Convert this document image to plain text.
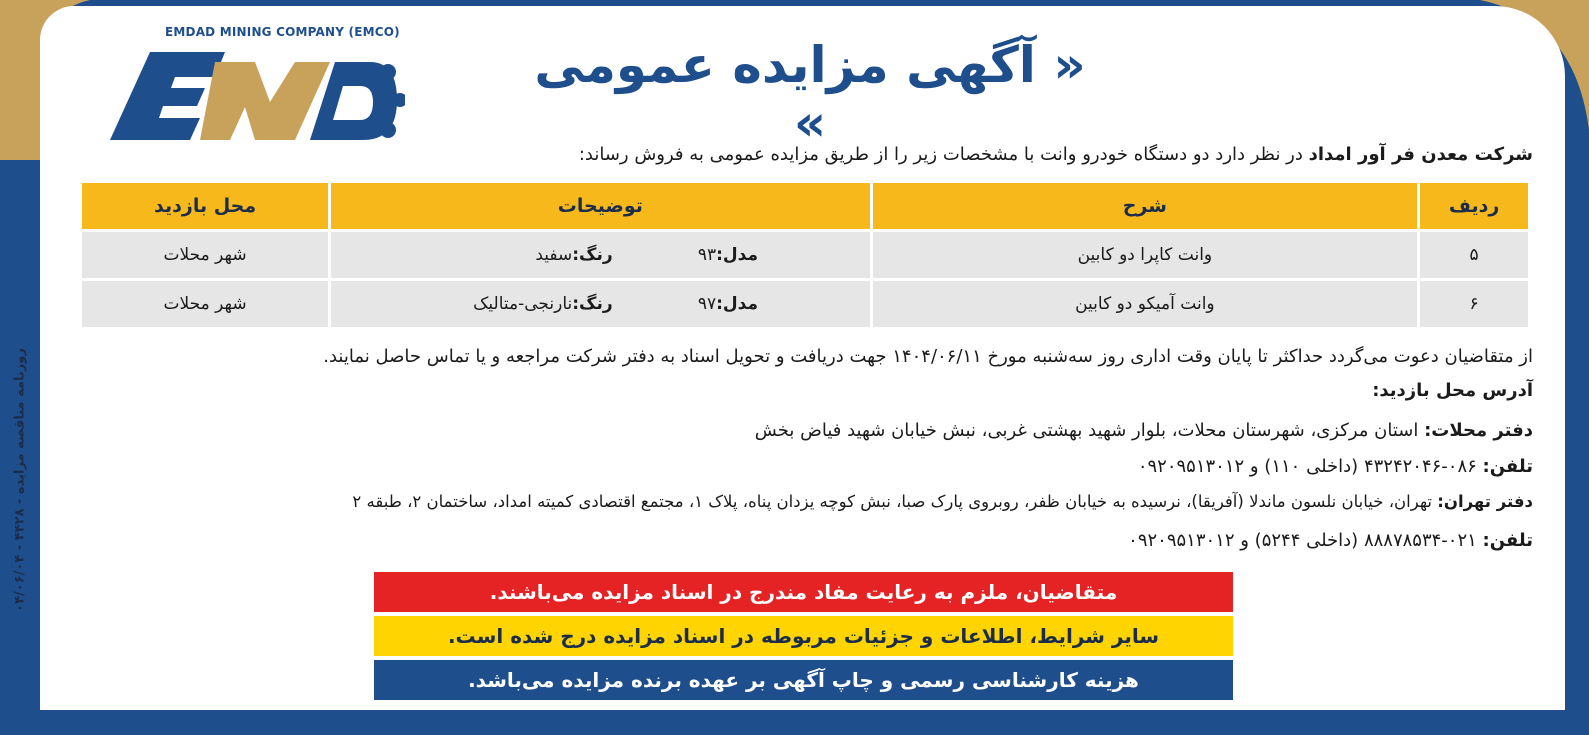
روزنامه مناقصه مزایده - ۴۴۲۸ - ۰۴/۰۶/۰۴
EMDAD MINING COMPANY (EMCO)
« آگهی مزایده عمومی »
شرکت معدن فر آور امداد در نظر دارد دو دستگاه خودرو وانت با مشخصات زیر را از طریق مزایده عمومی به فروش رساند:
ردیف	شرح	توضیحات	محل بازدید
۵	وانت کاپرا دو کابین	مدل:۹۳ رنگ:سفید	شهر محلات
۶	وانت آمیکو دو کابین	مدل:۹۷ رنگ:نارنجی-متالیک	شهر محلات
از متقاضیان دعوت می‌گردد حداکثر تا پایان وقت اداری روز سه‌شنبه مورخ ۱۴۰۴/۰۶/۱۱ جهت دریافت و تحویل اسناد به دفتر شرکت مراجعه و یا تماس حاصل نمایند.
آدرس محل بازدید:
دفتر محلات: استان مرکزی، شهرستان محلات، بلوار شهید بهشتی غربی، نبش خیابان شهید فیاض بخش
تلفن: ۰۸۶-۴۳۲۴۲۰۴۶ (داخلی ۱۱۰) و ۰۹۲۰۹۵۱۳۰۱۲
دفتر تهران: تهران، خیابان نلسون ماندلا (آفریقا)، نرسیده به خیابان ظفر، روبروی پارک صبا، نبش کوچه یزدان پناه، پلاک ۱، مجتمع اقتصادی کمیته امداد، ساختمان ۲، طبقه ۲
تلفن: ۰۲۱-۸۸۸۷۸۵۳۴ (داخلی ۵۲۴۴) و ۰۹۲۰۹۵۱۳۰۱۲
متقاضیان، ملزم به رعایت مفاد مندرج در اسناد مزایده می‌باشند.
سایر شرایط، اطلاعات و جزئیات مربوطه در اسناد مزایده درج شده است.
هزینه کارشناسی رسمی و چاپ آگهی بر عهده برنده مزایده می‌باشد.
